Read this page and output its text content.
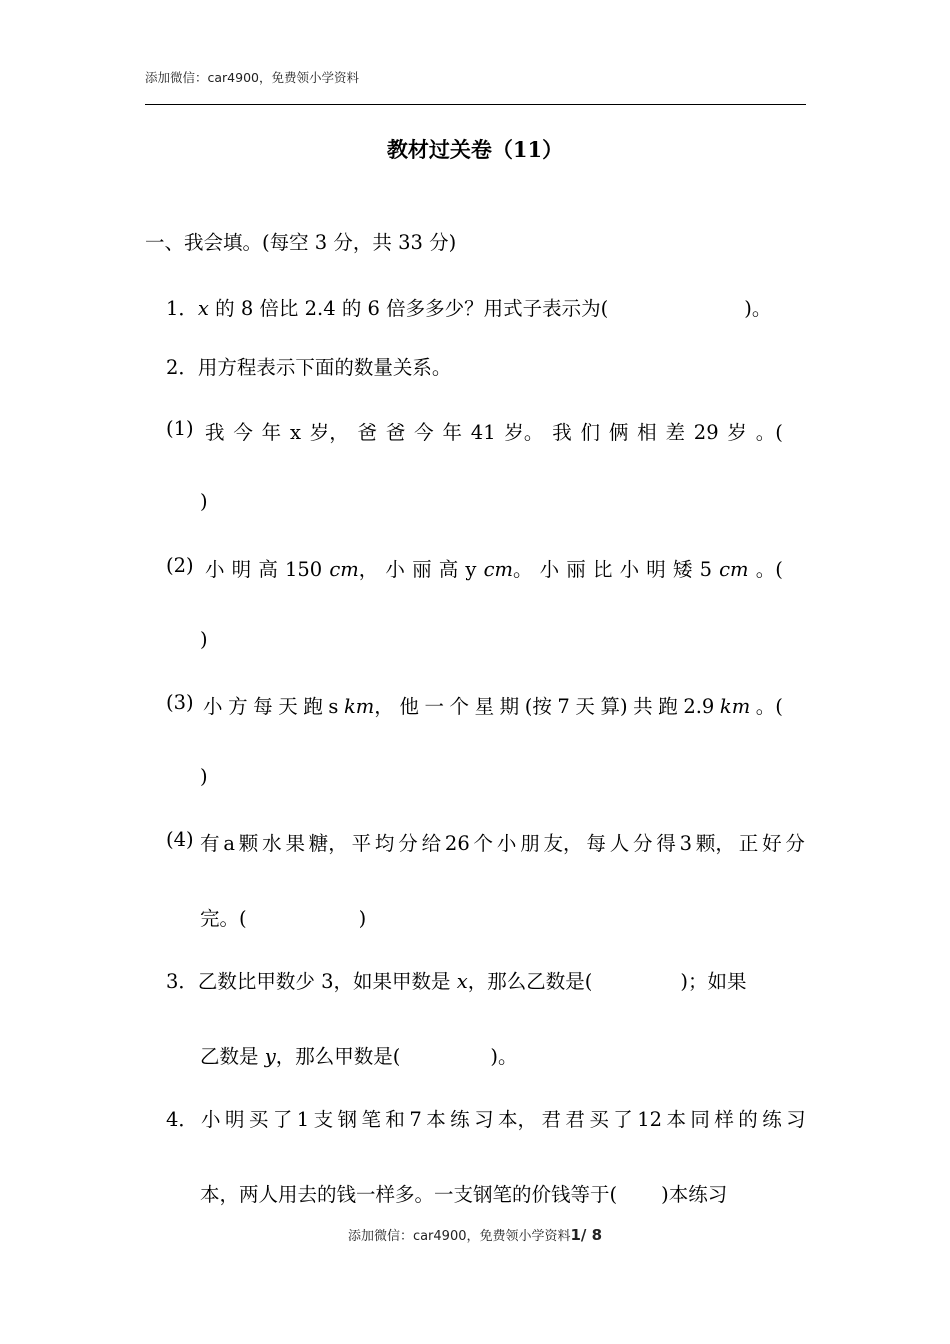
添加微信：car4900，免费领小学资料
教材过关卷（11）
一、我会填。(每空 3 分，共 33 分)
1．x 的 8 倍比 2.4 的 6 倍多多少？用式子表示为(	)。
2．用方程表示下面的数量关系。
(1) 我 今 年 x 岁， 爸 爸 今 年 41 岁。 我 们 俩 相 差 29 岁 。(
)
(2) 小 明 高 150 cm， 小 丽 高 y cm。 小 丽 比 小 明 矮 5 cm 。(
)
(3) 小 方 每 天 跑 s km， 他 一 个 星 期 (按 7 天 算) 共 跑 2.9 km 。(
)
(4) 有 a 颗 水 果 糖， 平 均 分 给 26 个 小 朋 友， 每 人 分 得 3 颗， 正 好 分
完。(	)
3．乙数比甲数少 3，如果甲数是 x，那么乙数是(	)；如果
乙数是 y，那么甲数是(	)。
4． 小 明 买 了 1 支 钢 笔 和 7 本 练 习 本， 君 君 买 了 12 本 同 样 的 练 习
本，两人用去的钱一样多。一支钢笔的价钱等于( )本练习
添加微信：car4900，免费领小学资料1/ 8
